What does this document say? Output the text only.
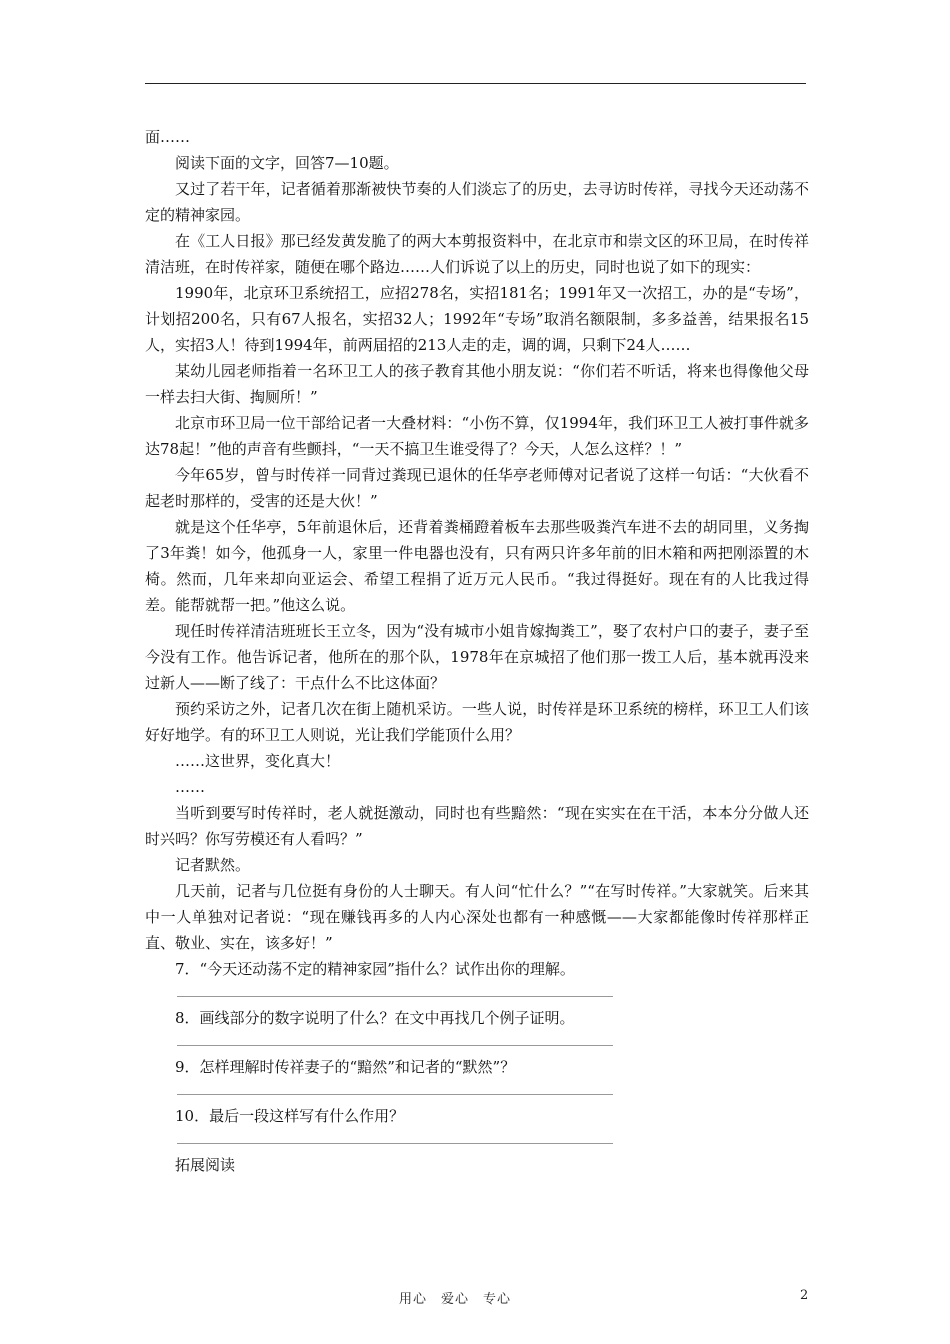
面……

阅读下面的文字，回答7—10题。

又过了若干年，记者循着那渐被快节奏的人们淡忘了的历史，去寻访时传祥，寻找今天还动荡不定的精神家园。

在《工人日报》那已经发黄发脆了的两大本剪报资料中，在北京市和崇文区的环卫局，在时传祥清洁班，在时传祥家，随便在哪个路边……人们诉说了以上的历史，同时也说了如下的现实：

1990年，北京环卫系统招工，应招278名，实招181名；1991年又一次招工，办的是“专场”，计划招200名，只有67人报名，实招32人；1992年“专场”取消名额限制，多多益善，结果报名15人，实招3人！待到1994年，前两届招的213人走的走，调的调，只剩下24人……

某幼儿园老师指着一名环卫工人的孩子教育其他小朋友说：“你们若不听话，将来也得像他父母一样去扫大街、掏厕所！”

北京市环卫局一位干部给记者一大叠材料：“小伤不算，仅1994年，我们环卫工人被打事件就多达78起！”他的声音有些颤抖，“一天不搞卫生谁受得了？今天，人怎么这样？！”

今年65岁，曾与时传祥一同背过粪现已退休的任华亭老师傅对记者说了这样一句话：“大伙看不起老时那样的，受害的还是大伙！”

就是这个任华亭，5年前退休后，还背着粪桶蹬着板车去那些吸粪汽车进不去的胡同里，义务掏了3年粪！如今，他孤身一人，家里一件电器也没有，只有两只许多年前的旧木箱和两把刚添置的木椅。然而，几年来却向亚运会、希望工程捐了近万元人民币。“我过得挺好。现在有的人比我过得差。能帮就帮一把。”他这么说。

现任时传祥清洁班班长王立冬，因为“没有城市小姐肯嫁掏粪工”，娶了农村户口的妻子，妻子至今没有工作。他告诉记者，他所在的那个队，1978年在京城招了他们那一拨工人后，基本就再没来过新人——断了线了：干点什么不比这体面？

预约采访之外，记者几次在街上随机采访。一些人说，时传祥是环卫系统的榜样，环卫工人们该好好地学。有的环卫工人则说，光让我们学能顶什么用？

……这世界，变化真大！

……

当听到要写时传祥时，老人就挺激动，同时也有些黯然：“现在实实在在干活，本本分分做人还时兴吗？你写劳模还有人看吗？”

记者默然。

几天前，记者与几位挺有身份的人士聊天。有人问“忙什么？”“在写时传祥。”大家就笑。后来其中一人单独对记者说：“现在赚钱再多的人内心深处也都有一种感慨——大家都能像时传祥那样正直、敬业、实在，该多好！”

7．“今天还动荡不定的精神家园”指什么？试作出你的理解。

8．画线部分的数字说明了什么？在文中再找几个例子证明。

9．怎样理解时传祥妻子的“黯然”和记者的“默然”？

10．最后一段这样写有什么作用？

拓展阅读

用心　爱心　专心	2
